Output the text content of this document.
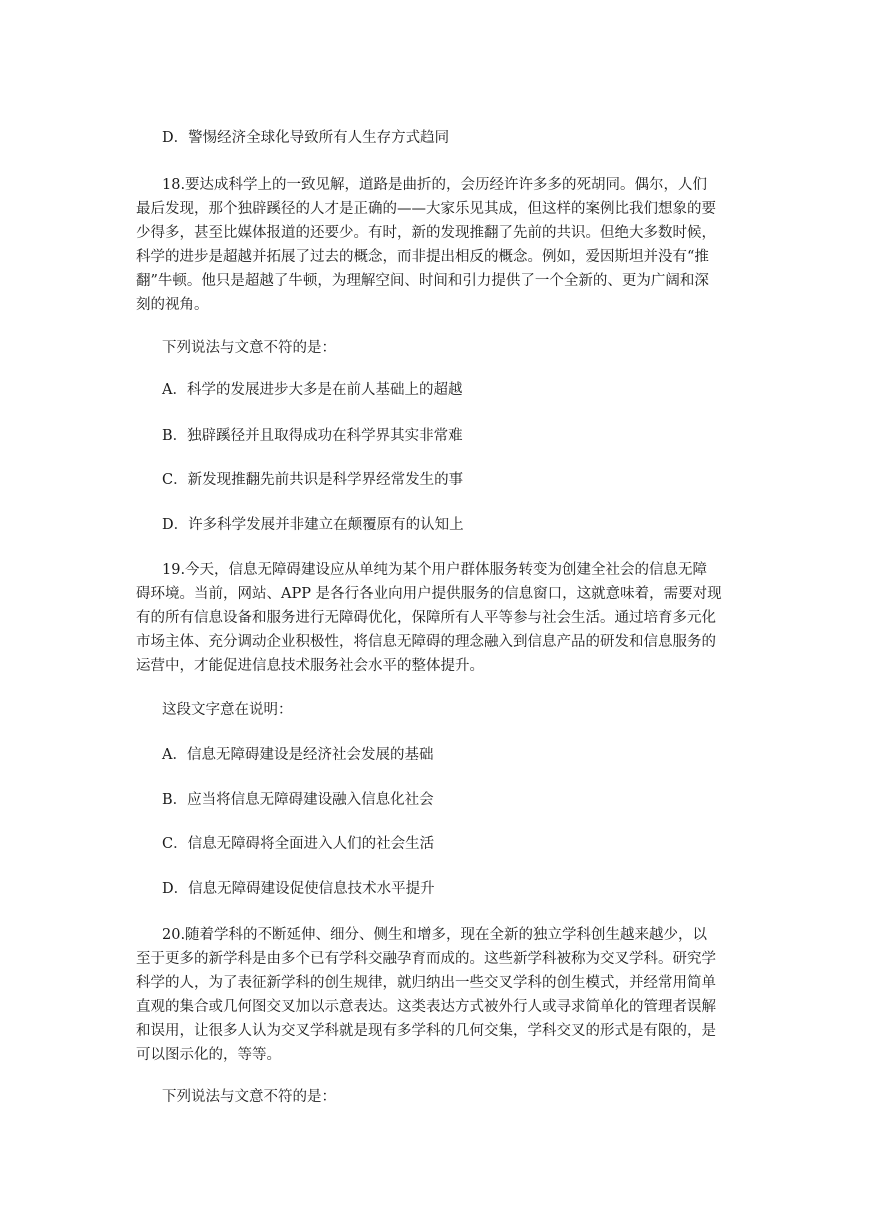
D．警惕经济全球化导致所有人生存方式趋同
18.要达成科学上的一致见解，道路是曲折的，会历经许许多多的死胡同。偶尔，人们
最后发现，那个独辟蹊径的人才是正确的——大家乐见其成，但这样的案例比我们想象的要
少得多，甚至比媒体报道的还要少。有时，新的发现推翻了先前的共识。但绝大多数时候，
科学的进步是超越并拓展了过去的概念，而非提出相反的概念。例如，爱因斯坦并没有“推
翻”牛顿。他只是超越了牛顿，为理解空间、时间和引力提供了一个全新的、更为广阔和深
刻的视角。
下列说法与文意不符的是：
A．科学的发展进步大多是在前人基础上的超越
B．独辟蹊径并且取得成功在科学界其实非常难
C．新发现推翻先前共识是科学界经常发生的事
D．许多科学发展并非建立在颠覆原有的认知上
19.今天，信息无障碍建设应从单纯为某个用户群体服务转变为创建全社会的信息无障
碍环境。当前，网站、APP 是各行各业向用户提供服务的信息窗口，这就意味着，需要对现
有的所有信息设备和服务进行无障碍优化，保障所有人平等参与社会生活。通过培育多元化
市场主体、充分调动企业积极性，将信息无障碍的理念融入到信息产品的研发和信息服务的
运营中，才能促进信息技术服务社会水平的整体提升。
这段文字意在说明：
A．信息无障碍建设是经济社会发展的基础
B．应当将信息无障碍建设融入信息化社会
C．信息无障碍将全面进入人们的社会生活
D．信息无障碍建设促使信息技术水平提升
20.随着学科的不断延伸、细分、侧生和增多，现在全新的独立学科创生越来越少，以
至于更多的新学科是由多个已有学科交融孕育而成的。这些新学科被称为交叉学科。研究学
科学的人，为了表征新学科的创生规律，就归纳出一些交叉学科的创生模式，并经常用简单
直观的集合或几何图交叉加以示意表达。这类表达方式被外行人或寻求简单化的管理者误解
和误用，让很多人认为交叉学科就是现有多学科的几何交集，学科交叉的形式是有限的，是
可以图示化的，等等。
下列说法与文意不符的是：
